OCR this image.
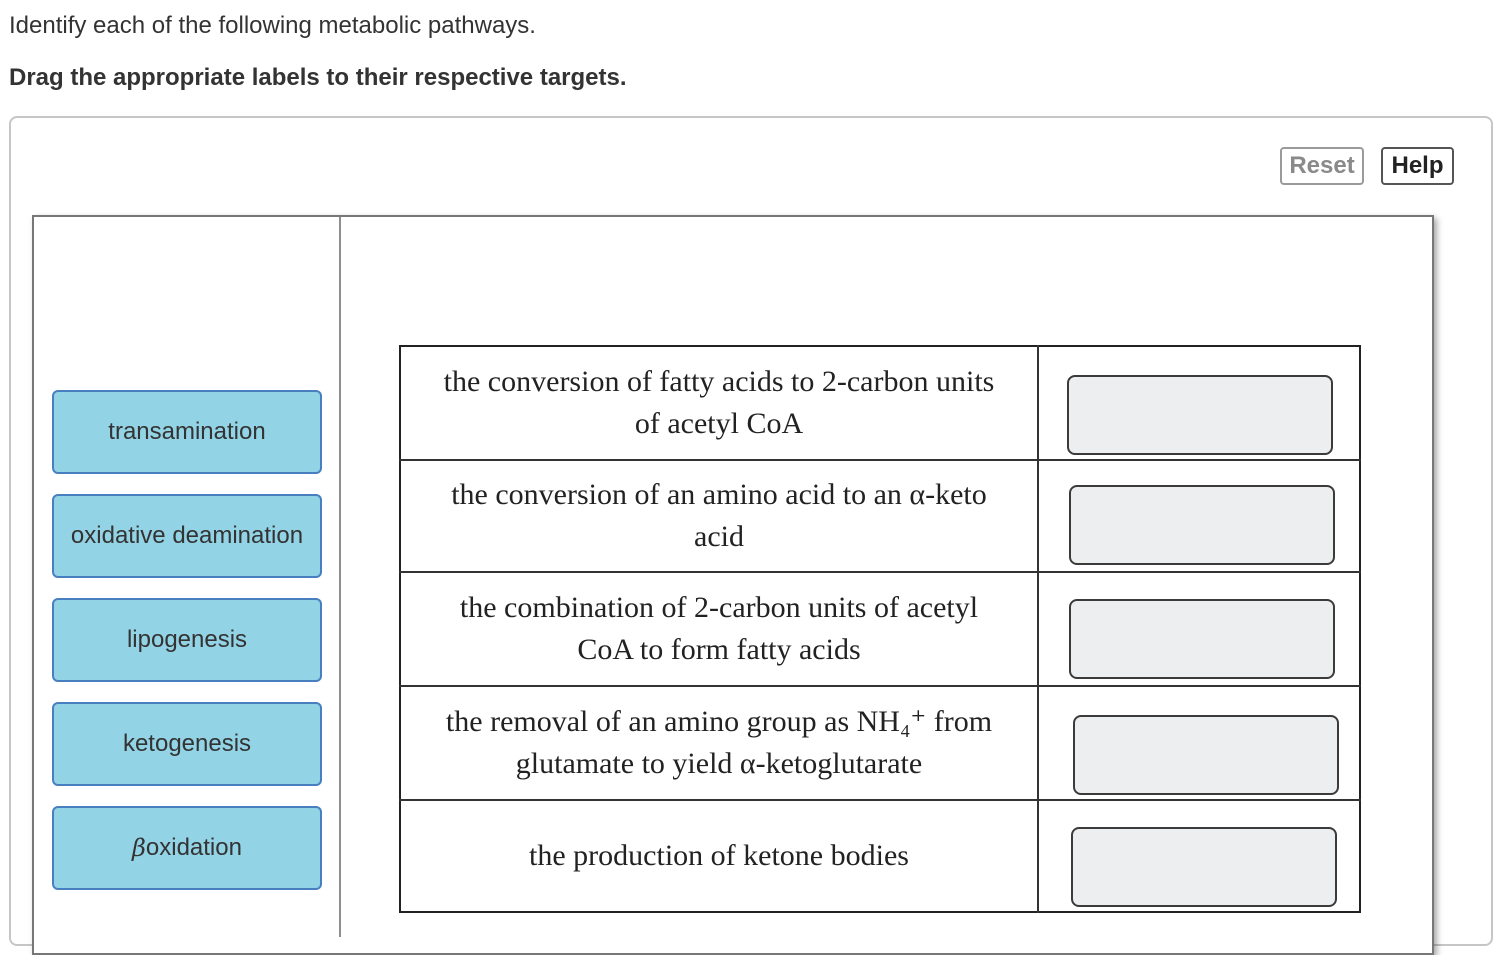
Identify each of the following metabolic pathways.
Drag the appropriate labels to their respective targets.
Reset	Help
transamination
oxidative deamination
lipogenesis
ketogenesis
β oxidation
the conversion of fatty acids to 2-carbon units
of acetyl CoA
the conversion of an amino acid to an α-keto
acid
the combination of 2-carbon units of acetyl
CoA to form fatty acids
the removal of an amino group as NH₄⁺ from
glutamate to yield α-ketoglutarate
the production of ketone bodies
